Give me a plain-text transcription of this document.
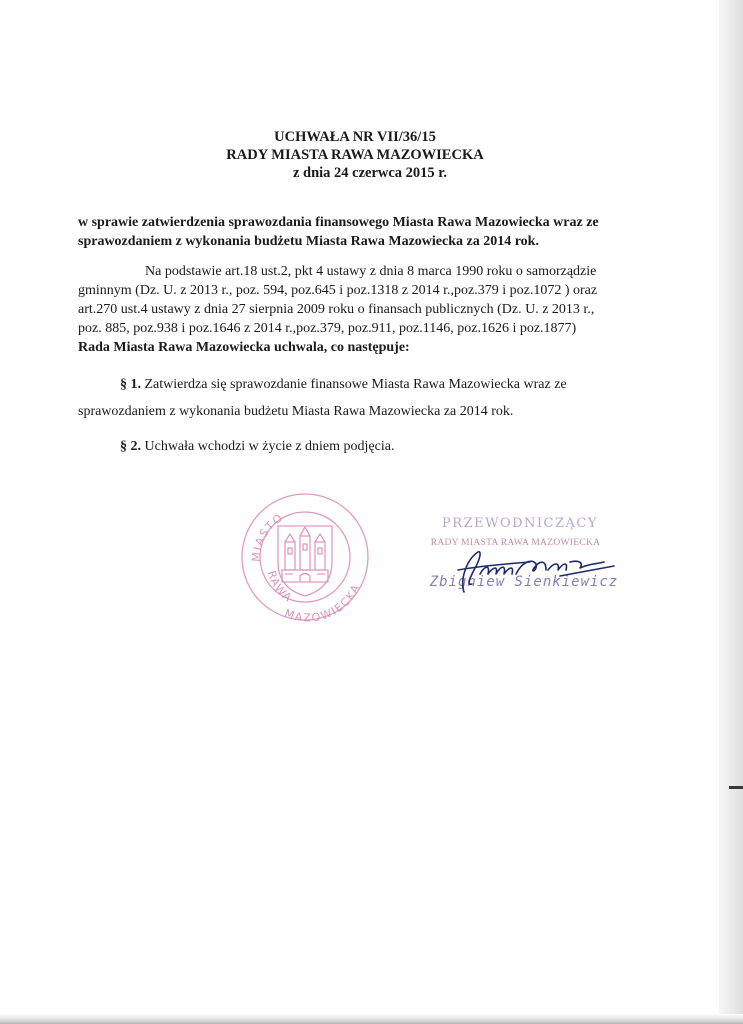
UCHWAŁA NR VII/36/15
RADY MIASTA RAWA MAZOWIECKA
z dnia 24 czerwca 2015 r.
w sprawie zatwierdzenia sprawozdania finansowego Miasta Rawa Mazowiecka wraz ze
sprawozdaniem z wykonania budżetu Miasta Rawa Mazowiecka za 2014 rok.
Na podstawie art.18 ust.2, pkt 4 ustawy z dnia 8 marca 1990 roku o samorządzie
gminnym (Dz. U. z 2013 r., poz. 594, poz.645 i poz.1318 z 2014 r.,poz.379 i poz.1072 ) oraz
art.270 ust.4 ustawy z dnia 27 sierpnia 2009 roku o finansach publicznych (Dz. U. z 2013 r.,
poz. 885, poz.938 i poz.1646 z 2014 r.,poz.379, poz.911, poz.1146, poz.1626 i poz.1877)
Rada Miasta Rawa Mazowiecka uchwala, co następuje:
§ 1. Zatwierdza się sprawozdanie finansowe Miasta Rawa Mazowiecka wraz ze
sprawozdaniem z wykonania budżetu Miasta Rawa Mazowiecka za 2014 rok.
§ 2. Uchwała wchodzi w życie z dniem podjęcia.
MIASTO
RAWA
MAZOWIECKA
PRZEWODNICZĄCY
RADY MIASTA RAWA MAZOWIECKA
Zbigniew Sienkiewicz
